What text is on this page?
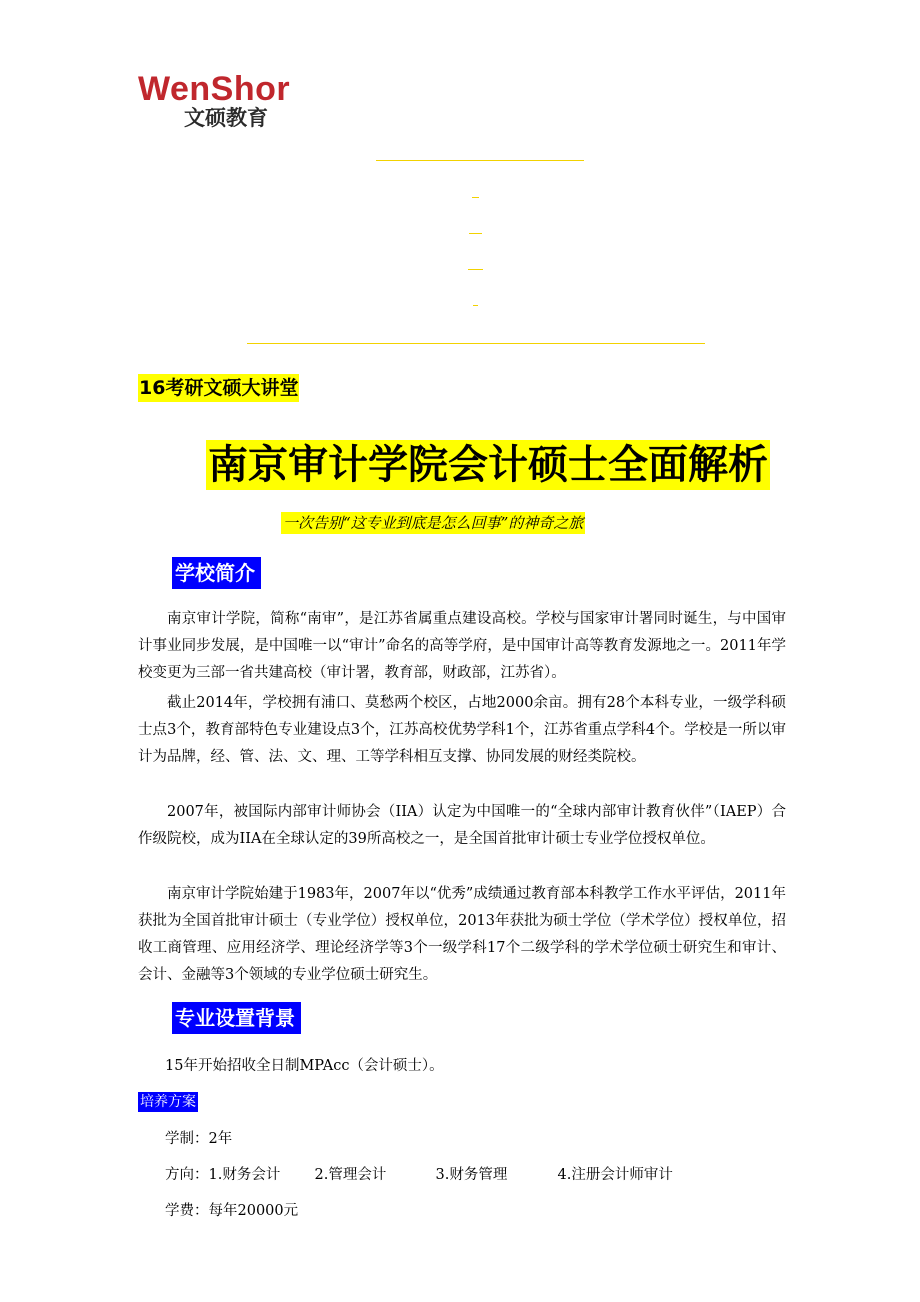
WenShor
文硕教育
16考研文硕大讲堂
南京审计学院会计硕士全面解析
一次告别“这专业到底是怎么回事”的神奇之旅
学校简介
南京审计学院，简称“南审”，是江苏省属重点建设高校。学校与国家审计署同时诞生，与中国审计事业同步发展，是中国唯一以“审计”命名的高等学府，是中国审计高等教育发源地之一。2011年学校变更为三部一省共建高校（审计署，教育部，财政部，江苏省）。
截止2014年，学校拥有浦口、莫愁两个校区，占地2000余亩。拥有28个本科专业，一级学科硕士点3个，教育部特色专业建设点3个，江苏高校优势学科1个，江苏省重点学科4个。学校是一所以审计为品牌，经、管、法、文、理、工等学科相互支撑、协同发展的财经类院校。
2007年，被国际内部审计师协会（IIA）认定为中国唯一的“全球内部审计教育伙伴”（IAEP）合作级院校，成为IIA在全球认定的39所高校之一，是全国首批审计硕士专业学位授权单位。
南京审计学院始建于1983年，2007年以“优秀”成绩通过教育部本科教学工作水平评估，2011年获批为全国首批审计硕士（专业学位）授权单位，2013年获批为硕士学位（学术学位）授权单位，招收工商管理、应用经济学、理论经济学等3个一级学科17个二级学科的学术学位硕士研究生和审计、会计、金融等3个领域的专业学位硕士研究生。
专业设置背景
15年开始招收全日制MPAcc（会计硕士）。
培养方案
学制：2年
方向：1.财务会计 2.管理会计	3.财务管理	4.注册会计师审计
学费：每年20000元
